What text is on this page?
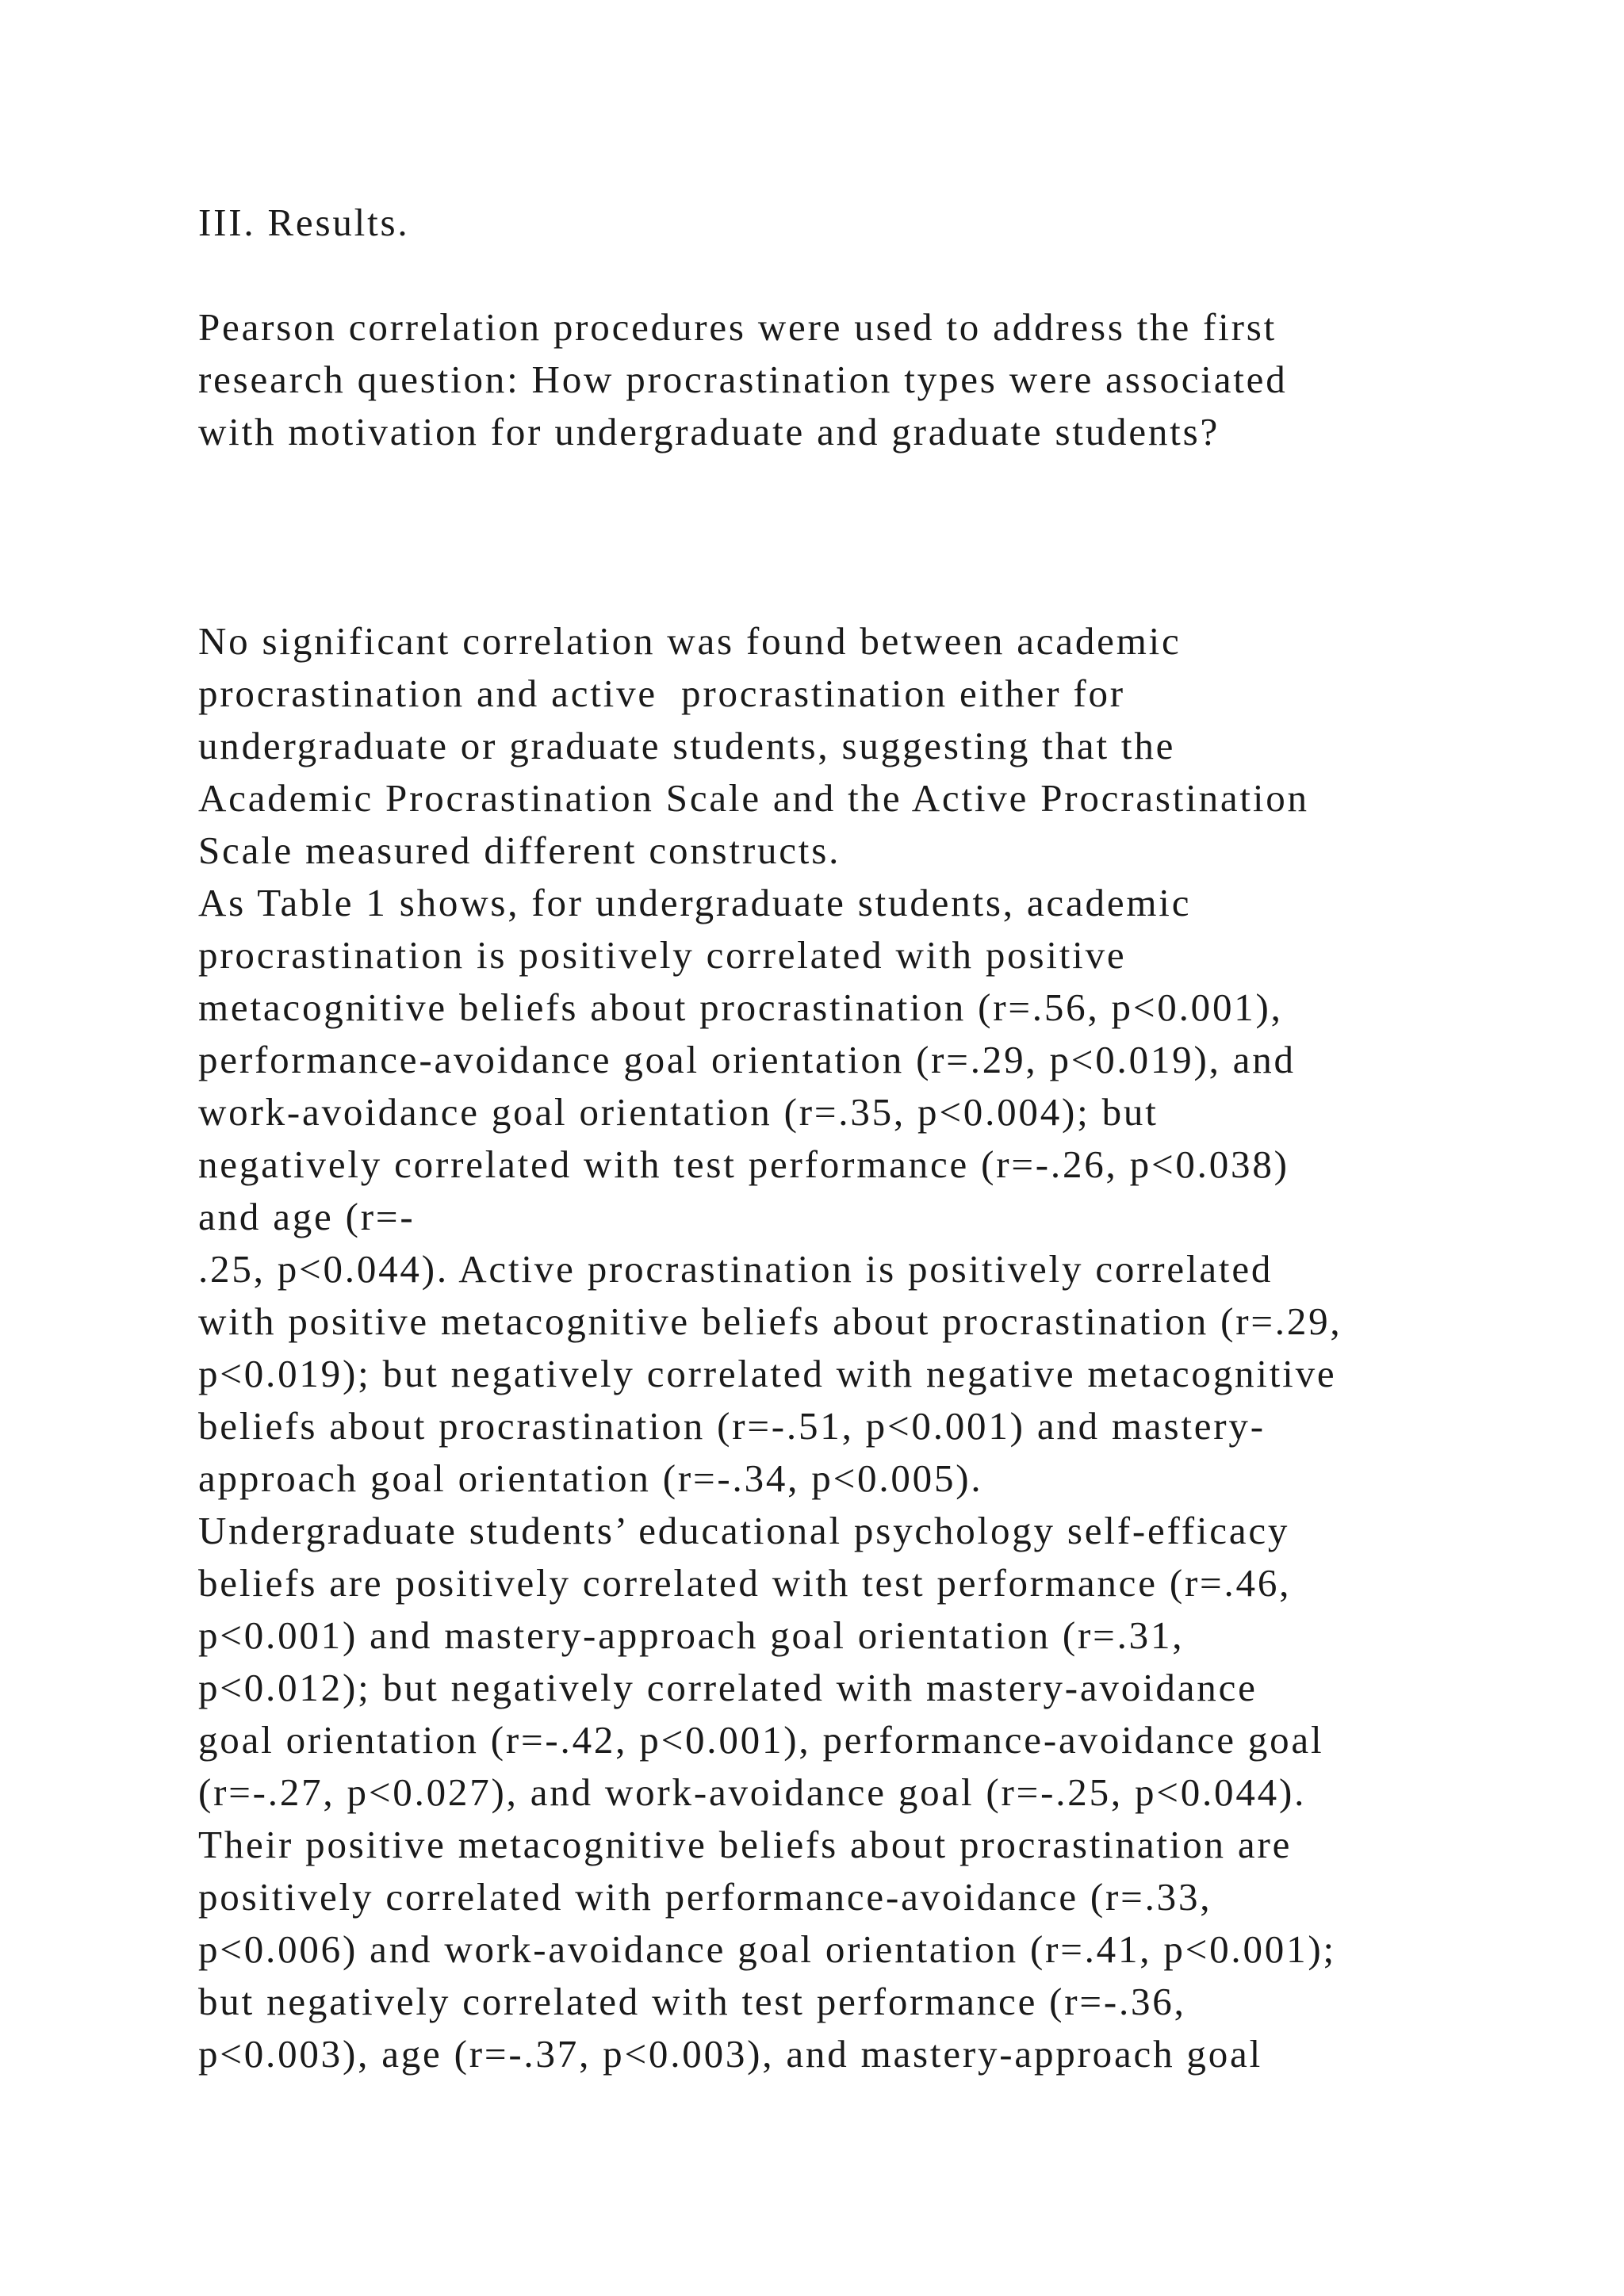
III. Results.
Pearson correlation procedures were used to address the first
research question: How procrastination types were associated
with motivation for undergraduate and graduate students?
No significant correlation was found between academic
procrastination and active  procrastination either for
undergraduate or graduate students, suggesting that the
Academic Procrastination Scale and the Active Procrastination
Scale measured different constructs.
As Table 1 shows, for undergraduate students, academic
procrastination is positively correlated with positive
metacognitive beliefs about procrastination (r=.56, p<0.001),
performance-avoidance goal orientation (r=.29, p<0.019), and
work-avoidance goal orientation (r=.35, p<0.004); but
negatively correlated with test performance (r=-.26, p<0.038)
and age (r=-
.25, p<0.044). Active procrastination is positively correlated
with positive metacognitive beliefs about procrastination (r=.29,
p<0.019); but negatively correlated with negative metacognitive
beliefs about procrastination (r=-.51, p<0.001) and mastery-
approach goal orientation (r=-.34, p<0.005).
Undergraduate students’ educational psychology self-efficacy
beliefs are positively correlated with test performance (r=.46,
p<0.001) and mastery-approach goal orientation (r=.31,
p<0.012); but negatively correlated with mastery-avoidance
goal orientation (r=-.42, p<0.001), performance-avoidance goal
(r=-.27, p<0.027), and work-avoidance goal (r=-.25, p<0.044).
Their positive metacognitive beliefs about procrastination are
positively correlated with performance-avoidance (r=.33,
p<0.006) and work-avoidance goal orientation (r=.41, p<0.001);
but negatively correlated with test performance (r=-.36,
p<0.003), age (r=-.37, p<0.003), and mastery-approach goal
